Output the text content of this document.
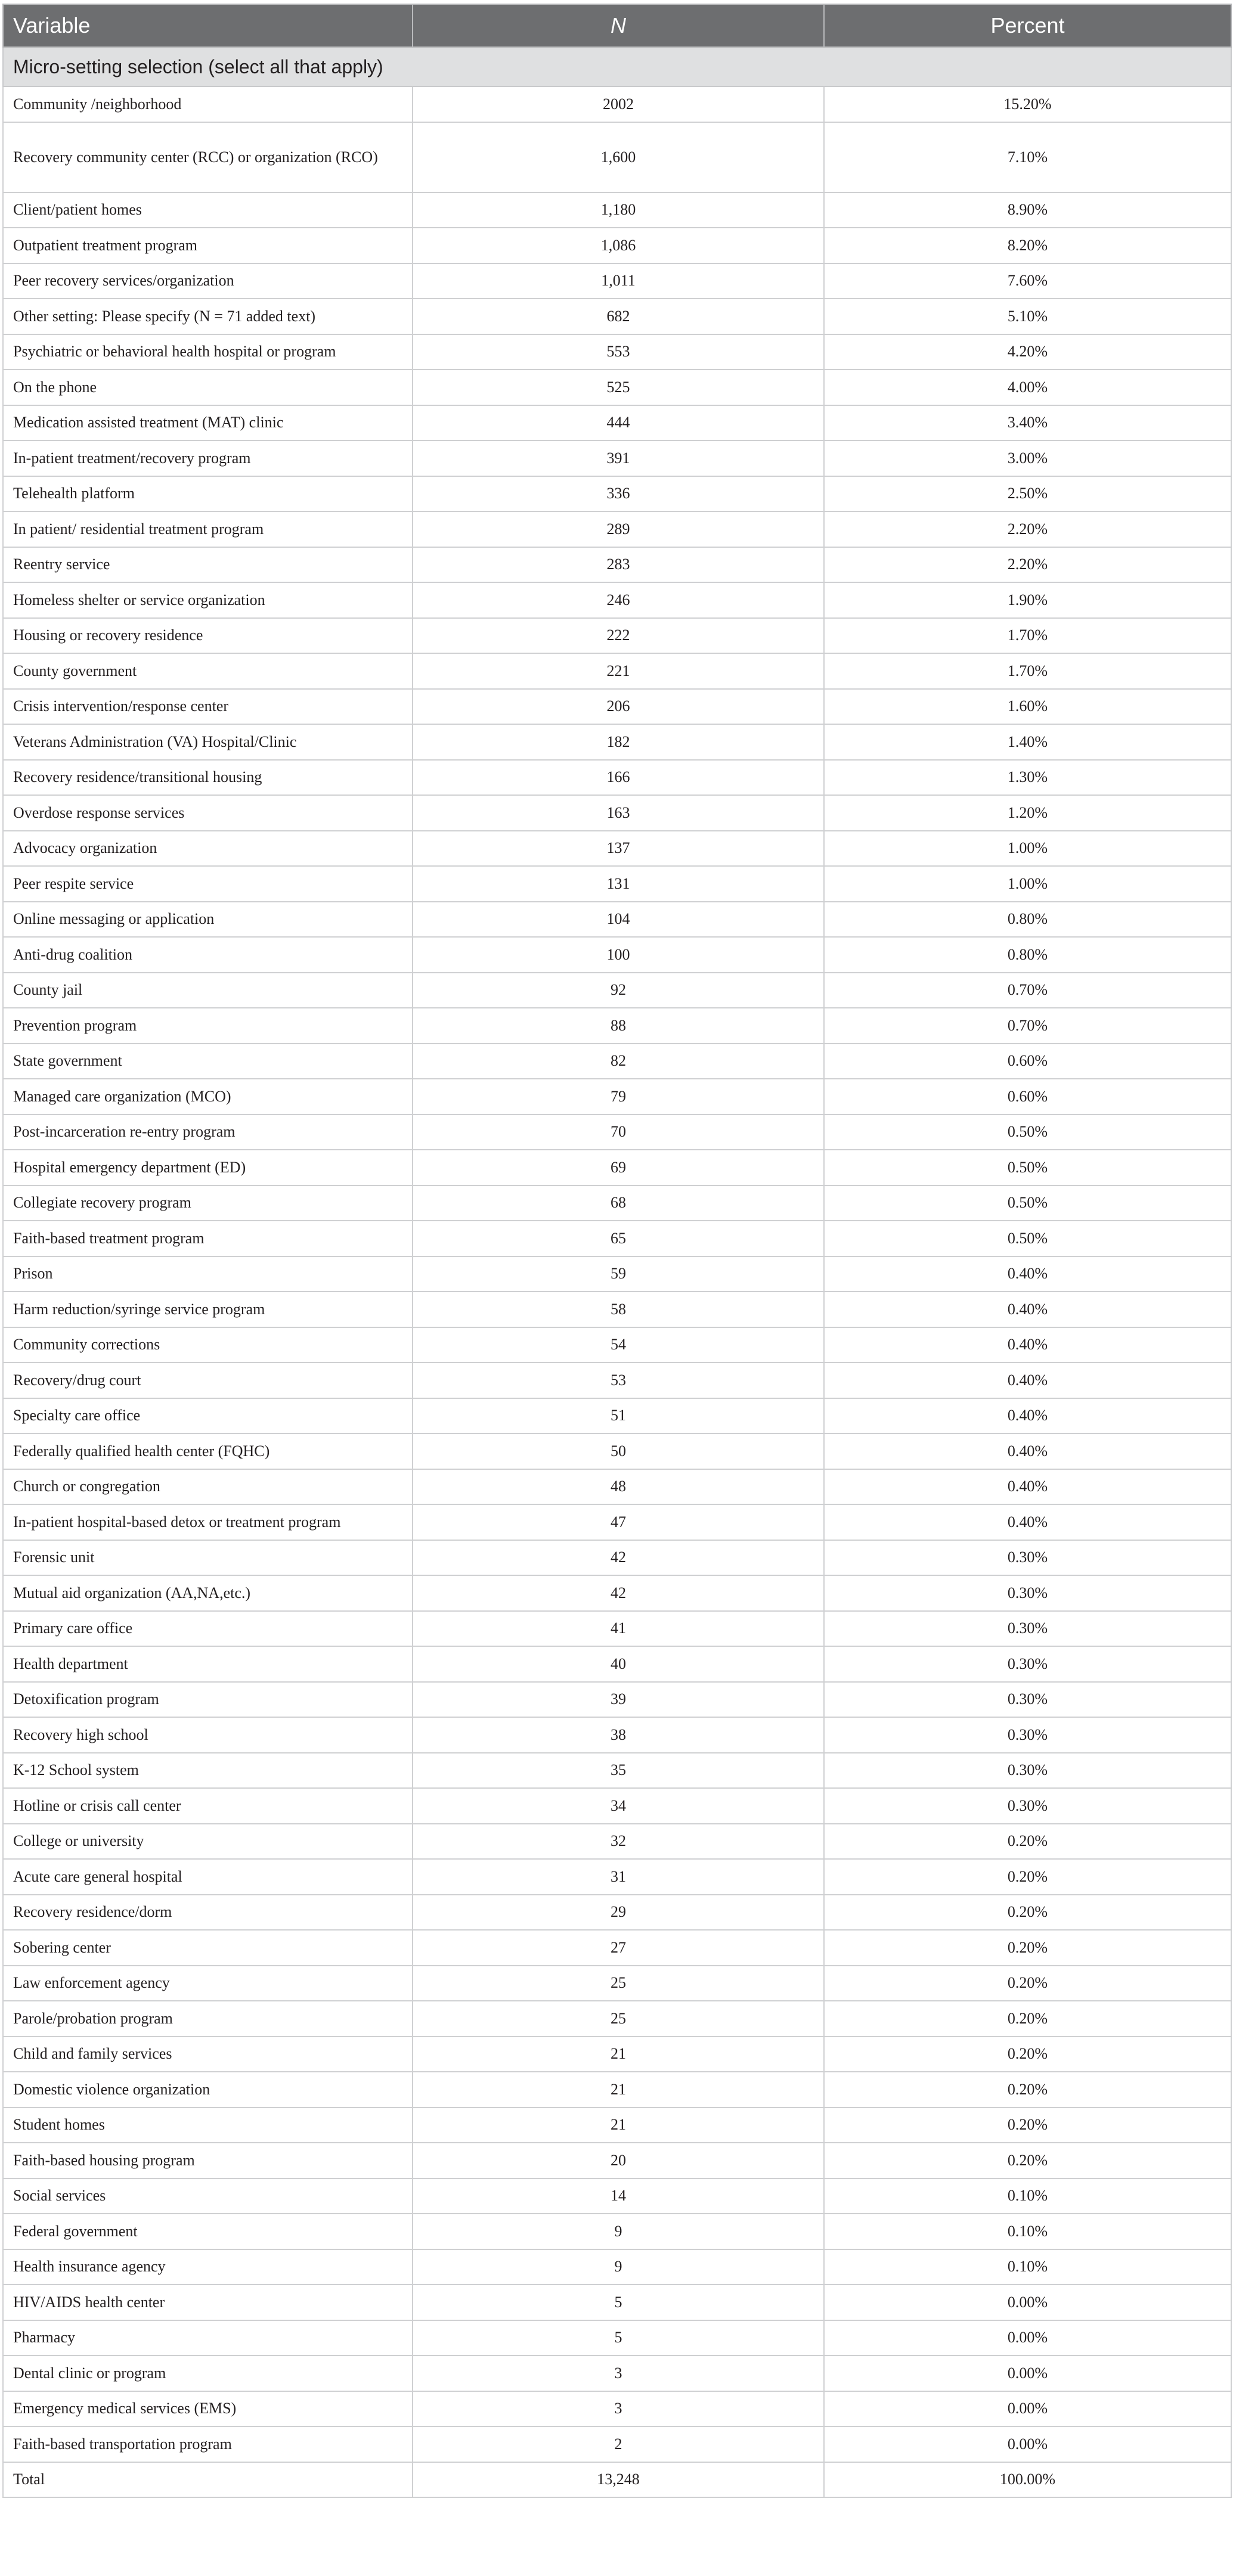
Variable	N	Percent
Micro-setting selection (select all that apply)		
Community /neighborhood	2002	15.20%
Recovery community center (RCC) or organization (RCO)	1,600	7.10%
Client/patient homes	1,180	8.90%
Outpatient treatment program	1,086	8.20%
Peer recovery services/organization	1,011	7.60%
Other setting: Please specify (N = 71 added text)	682	5.10%
Psychiatric or behavioral health hospital or program	553	4.20%
On the phone	525	4.00%
Medication assisted treatment (MAT) clinic	444	3.40%
In-patient treatment/recovery program	391	3.00%
Telehealth platform	336	2.50%
In patient/ residential treatment program	289	2.20%
Reentry service	283	2.20%
Homeless shelter or service organization	246	1.90%
Housing or recovery residence	222	1.70%
County government	221	1.70%
Crisis intervention/response center	206	1.60%
Veterans Administration (VA) Hospital/Clinic	182	1.40%
Recovery residence/transitional housing	166	1.30%
Overdose response services	163	1.20%
Advocacy organization	137	1.00%
Peer respite service	131	1.00%
Online messaging or application	104	0.80%
Anti-drug coalition	100	0.80%
County jail	92	0.70%
Prevention program	88	0.70%
State government	82	0.60%
Managed care organization (MCO)	79	0.60%
Post-incarceration re-entry program	70	0.50%
Hospital emergency department (ED)	69	0.50%
Collegiate recovery program	68	0.50%
Faith-based treatment program	65	0.50%
Prison	59	0.40%
Harm reduction/syringe service program	58	0.40%
Community corrections	54	0.40%
Recovery/drug court	53	0.40%
Specialty care office	51	0.40%
Federally qualified health center (FQHC)	50	0.40%
Church or congregation	48	0.40%
In-patient hospital-based detox or treatment program	47	0.40%
Forensic unit	42	0.30%
Mutual aid organization (AA,NA,etc.)	42	0.30%
Primary care office	41	0.30%
Health department	40	0.30%
Detoxification program	39	0.30%
Recovery high school	38	0.30%
K-12 School system	35	0.30%
Hotline or crisis call center	34	0.30%
College or university	32	0.20%
Acute care general hospital	31	0.20%
Recovery residence/dorm	29	0.20%
Sobering center	27	0.20%
Law enforcement agency	25	0.20%
Parole/probation program	25	0.20%
Child and family services	21	0.20%
Domestic violence organization	21	0.20%
Student homes	21	0.20%
Faith-based housing program	20	0.20%
Social services	14	0.10%
Federal government	9	0.10%
Health insurance agency	9	0.10%
HIV/AIDS health center	5	0.00%
Pharmacy	5	0.00%
Dental clinic or program	3	0.00%
Emergency medical services (EMS)	3	0.00%
Faith-based transportation program	2	0.00%
Total	13,248	100.00%
